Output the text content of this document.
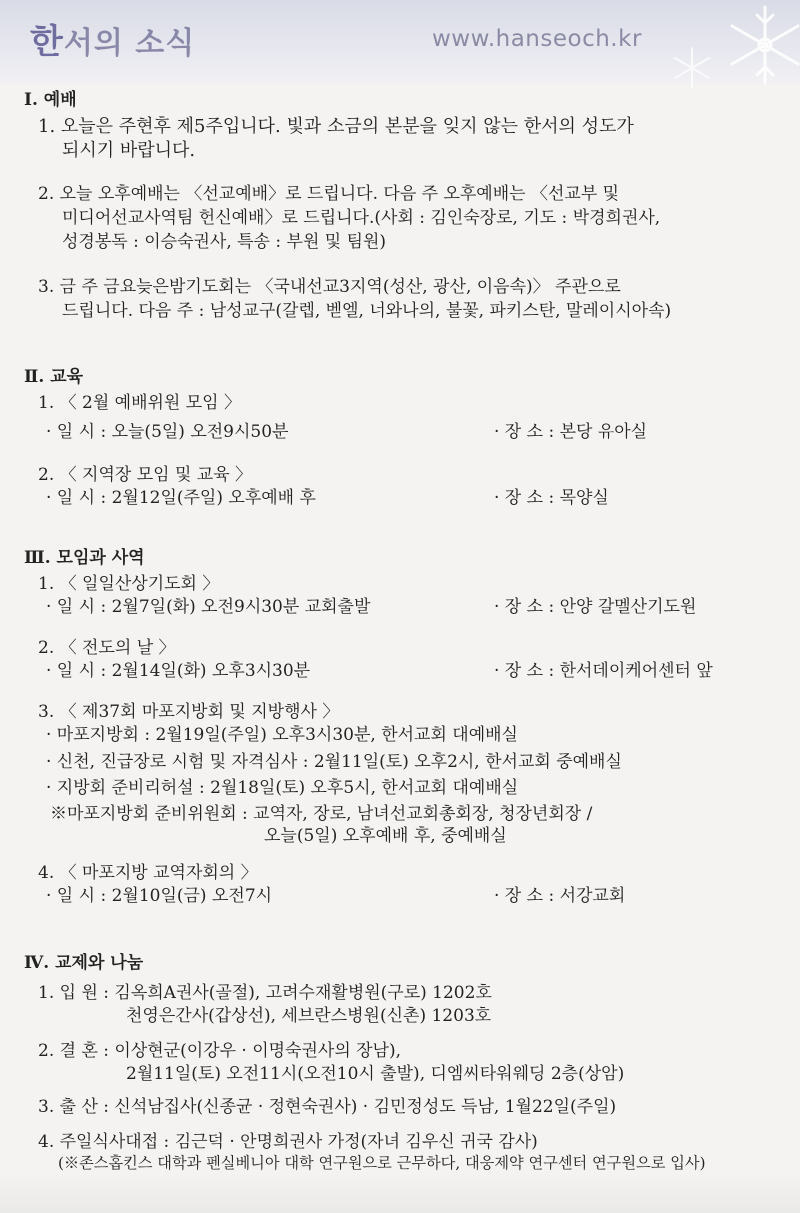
한서의 소식	www.hanseoch.kr
Ⅰ. 예배
1. 오늘은 주현후 제5주입니다. 빛과 소금의 본분을 잊지 않는 한서의 성도가
되시기 바랍니다.
2. 오늘 오후예배는 〈선교예배〉로 드립니다. 다음 주 오후예배는 〈선교부 및
미디어선교사역팀 헌신예배〉로 드립니다.(사회 : 김인숙장로, 기도 : 박경희권사,
성경봉독 : 이승숙권사, 특송 : 부원 및 팀원)
3. 금 주 금요늦은밤기도회는 〈국내선교3지역(성산, 광산, 이음속)〉 주관으로
드립니다. 다음 주 : 남성교구(갈렙, 벧엘, 너와나의, 불꽃, 파키스탄, 말레이시아속)
Ⅱ. 교육
1. 〈 2월 예배위원 모임 〉
· 일 시 : 오늘(5일) 오전9시50분	· 장 소 : 본당 유아실
2. 〈 지역장 모임 및 교육 〉
· 일 시 : 2월12일(주일) 오후예배 후	· 장 소 : 목양실
Ⅲ. 모임과 사역
1. 〈 일일산상기도회 〉
· 일 시 : 2월7일(화) 오전9시30분 교회출발	· 장 소 : 안양 갈멜산기도원
2. 〈 전도의 날 〉
· 일 시 : 2월14일(화) 오후3시30분	· 장 소 : 한서데이케어센터 앞
3. 〈 제37회 마포지방회 및 지방행사 〉
· 마포지방회 : 2월19일(주일) 오후3시30분, 한서교회 대예배실
· 신천, 진급장로 시험 및 자격심사 : 2월11일(토) 오후2시, 한서교회 중예배실
· 지방회 준비리허설 : 2월18일(토) 오후5시, 한서교회 대예배실
※마포지방회 준비위원회 : 교역자, 장로, 남녀선교회총회장, 청장년회장 /
오늘(5일) 오후예배 후, 중예배실
4. 〈 마포지방 교역자회의 〉
· 일 시 : 2월10일(금) 오전7시	· 장 소 : 서강교회
Ⅳ. 교제와 나눔
1. 입 원 : 김옥희A권사(골절), 고려수재활병원(구로) 1202호
천영은간사(갑상선), 세브란스병원(신촌) 1203호
2. 결 혼 : 이상현군(이강우 · 이명숙권사의 장남),
2월11일(토) 오전11시(오전10시 출발), 디엠씨타워웨딩 2층(상암)
3. 출 산 : 신석남집사(신종균 · 정현숙권사) · 김민정성도 득남, 1월22일(주일)
4. 주일식사대접 : 김근덕 · 안명희권사 가정(자녀 김우신 귀국 감사)
(※존스홉킨스 대학과 펜실베니아 대학 연구원으로 근무하다, 대웅제약 연구센터 연구원으로 입사)
